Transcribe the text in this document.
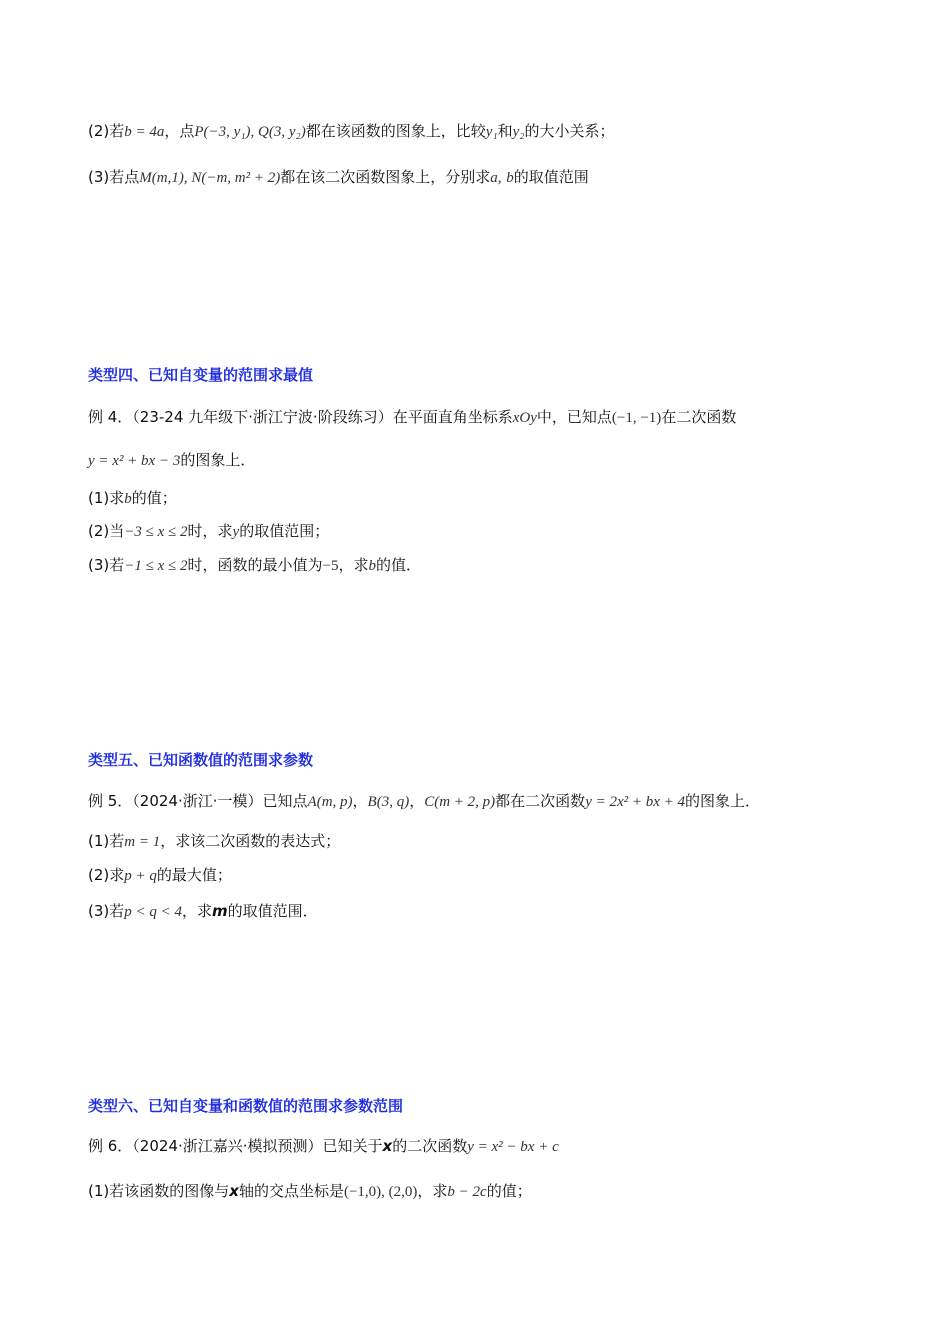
(2)若b = 4a，点P(−3, y₁), Q(3, y₂)都在该函数的图象上，比较y₁和y₂的大小关系；
(3)若点M(m,1), N(−m, m² + 2)都在该二次函数图象上，分别求a, b的取值范围
类型四、已知自变量的范围求最值
例 4．（23-24 九年级下·浙江宁波·阶段练习）在平面直角坐标系xOy中，已知点(−1, −1)在二次函数
y = x² + bx − 3的图象上．
(1)求b的值；
(2)当−3 ≤ x ≤ 2时，求y的取值范围；
(3)若−1 ≤ x ≤ 2时，函数的最小值为−5，求b的值．
类型五、已知函数值的范围求参数
例 5．（2024·浙江·一模）已知点A(m, p)，B(3, q)，C(m + 2, p)都在二次函数y = 2x² + bx + 4的图象上．
(1)若m = 1，求该二次函数的表达式；
(2)求p + q的最大值；
(3)若p < q < 4，求m的取值范围．
类型六、已知自变量和函数值的范围求参数范围
例 6．（2024·浙江嘉兴·模拟预测）已知关于x的二次函数y = x² − bx + c
(1)若该函数的图像与x轴的交点坐标是(−1,0), (2,0)，求b − 2c的值；
